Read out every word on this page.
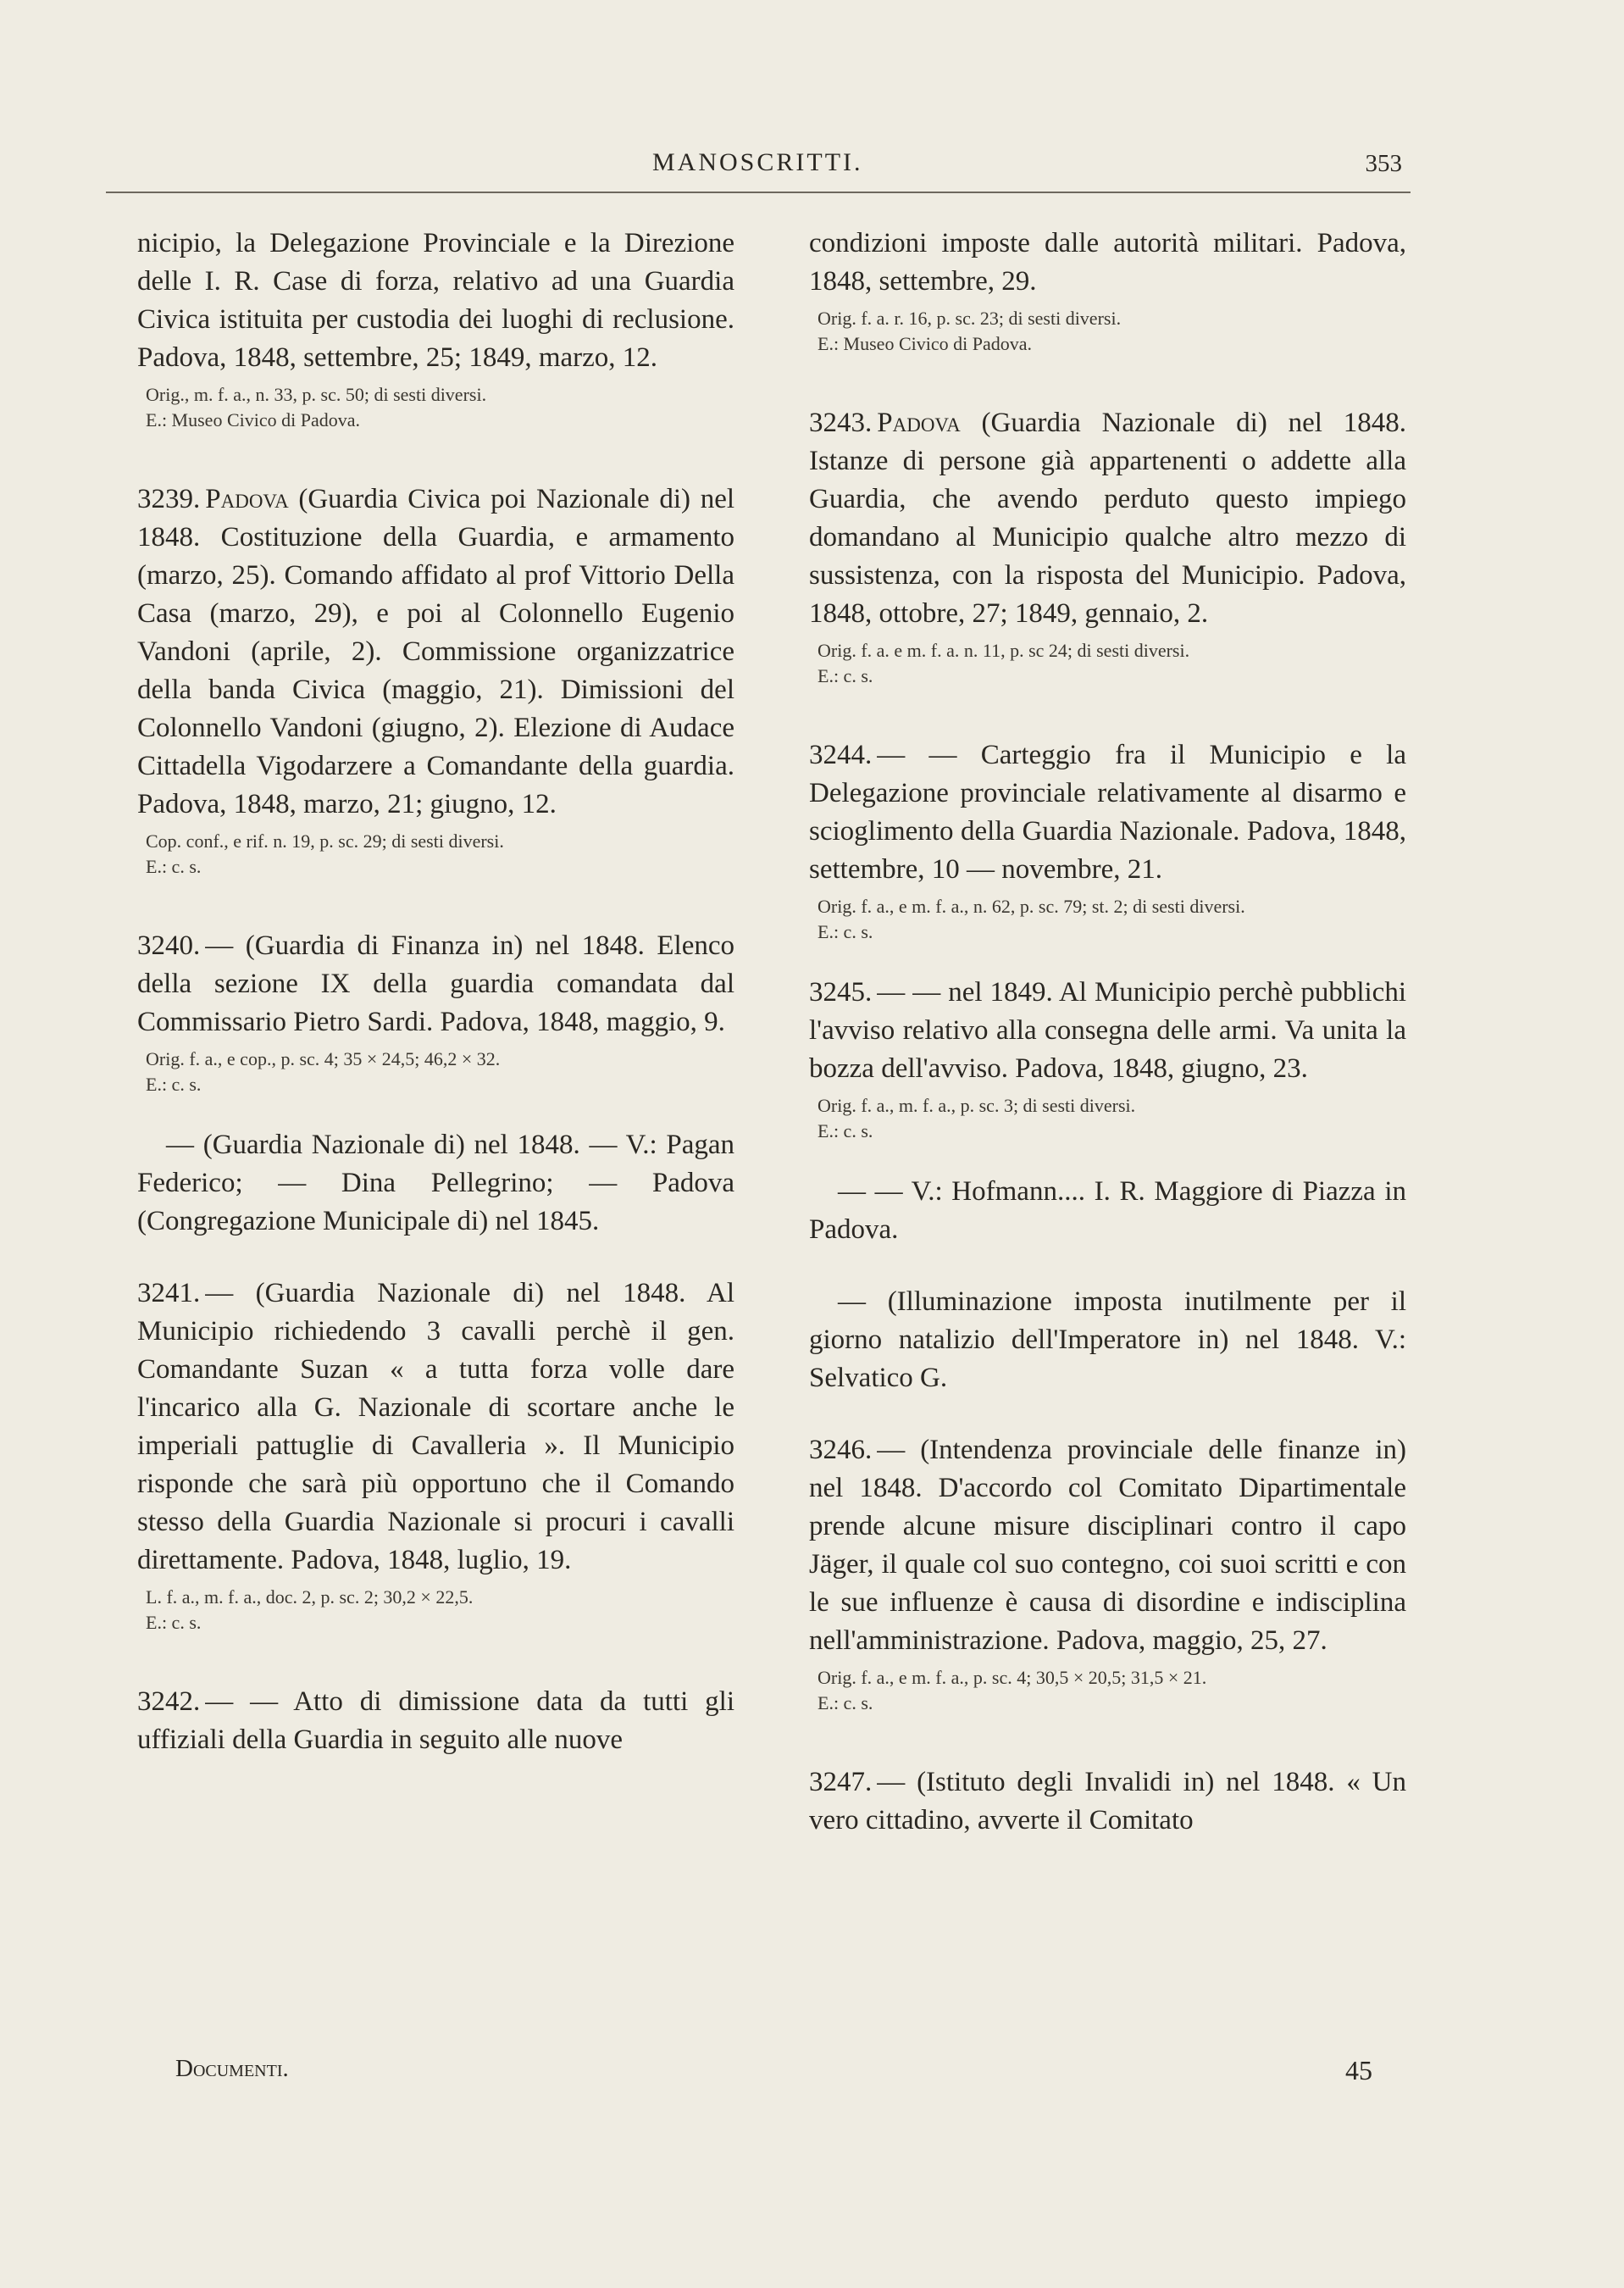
MANOSCRITTI.	353

nicipio, la Delegazione Provinciale e la Direzione delle I. R. Case di forza, relativo ad una Guardia Civica istituita per custodia dei luoghi di reclusione. Padova, 1848, settembre, 25; 1849, marzo, 12.

Orig., m. f. a., n. 33, p. sc. 50; di sesti diversi.

E.: Museo Civico di Padova.

3239. Padova (Guardia Civica poi Nazionale di) nel 1848. Costituzione della Guardia, e armamento (marzo, 25). Comando affidato al prof Vittorio Della Casa (marzo, 29), e poi al Colonnello Eugenio Vandoni (aprile, 2). Commissione organizzatrice della banda Civica (maggio, 21). Dimissioni del Colonnello Vandoni (giugno, 2). Elezione di Audace Cittadella Vigodarzere a Comandante della guardia. Padova, 1848, marzo, 21; giugno, 12.

Cop. conf., e rif. n. 19, p. sc. 29; di sesti diversi.

E.: c. s.

3240. — (Guardia di Finanza in) nel 1848. Elenco della sezione IX della guardia comandata dal Commissario Pietro Sardi. Padova, 1848, maggio, 9.

Orig. f. a., e cop., p. sc. 4; 35 × 24,5; 46,2 × 32.

E.: c. s.

— (Guardia Nazionale di) nel 1848. — V.: Pagan Federico; — Dina Pellegrino; — Padova (Congregazione Municipale di) nel 1845.

3241. — (Guardia Nazionale di) nel 1848. Al Municipio richiedendo 3 cavalli perchè il gen. Comandante Suzan « a tutta forza volle dare l'incarico alla G. Nazionale di scortare anche le imperiali pattuglie di Cavalleria ». Il Municipio risponde che sarà più opportuno che il Comando stesso della Guardia Nazionale si procuri i cavalli direttamente. Padova, 1848, luglio, 19.

L. f. a., m. f. a., doc. 2, p. sc. 2; 30,2 × 22,5.

E.: c. s.

3242. — — Atto di dimissione data da tutti gli uffiziali della Guardia in seguito alle nuove

condizioni imposte dalle autorità militari. Padova, 1848, settembre, 29.

Orig. f. a. r. 16, p. sc. 23; di sesti diversi.

E.: Museo Civico di Padova.

3243. Padova (Guardia Nazionale di) nel 1848. Istanze di persone già appartenenti o addette alla Guardia, che avendo perduto questo impiego domandano al Municipio qualche altro mezzo di sussistenza, con la risposta del Municipio. Padova, 1848, ottobre, 27; 1849, gennaio, 2.

Orig. f. a. e m. f. a. n. 11, p. sc 24; di sesti diversi.

E.: c. s.

3244. — — Carteggio fra il Municipio e la Delegazione provinciale relativamente al disarmo e scioglimento della Guardia Nazionale. Padova, 1848, settembre, 10 — novembre, 21.

Orig. f. a., e m. f. a., n. 62, p. sc. 79; st. 2; di sesti diversi.

E.: c. s.

3245. — — nel 1849. Al Municipio perchè pubblichi l'avviso relativo alla consegna delle armi. Va unita la bozza dell'avviso. Padova, 1848, giugno, 23.

Orig. f. a., m. f. a., p. sc. 3; di sesti diversi.

E.: c. s.

— — V.: Hofmann.... I. R. Maggiore di Piazza in Padova.

— (Illuminazione imposta inutilmente per il giorno natalizio dell'Imperatore in) nel 1848. V.: Selvatico G.

3246. — (Intendenza provinciale delle finanze in) nel 1848. D'accordo col Comitato Dipartimentale prende alcune misure disciplinari contro il capo Jäger, il quale col suo contegno, coi suoi scritti e con le sue influenze è causa di disordine e indisciplina nell'amministrazione. Padova, maggio, 25, 27.

Orig. f. a., e m. f. a., p. sc. 4; 30,5 × 20,5; 31,5 × 21.

E.: c. s.

3247. — (Istituto degli Invalidi in) nel 1848. « Un vero cittadino, avverte il Comitato

Documenti.	45
